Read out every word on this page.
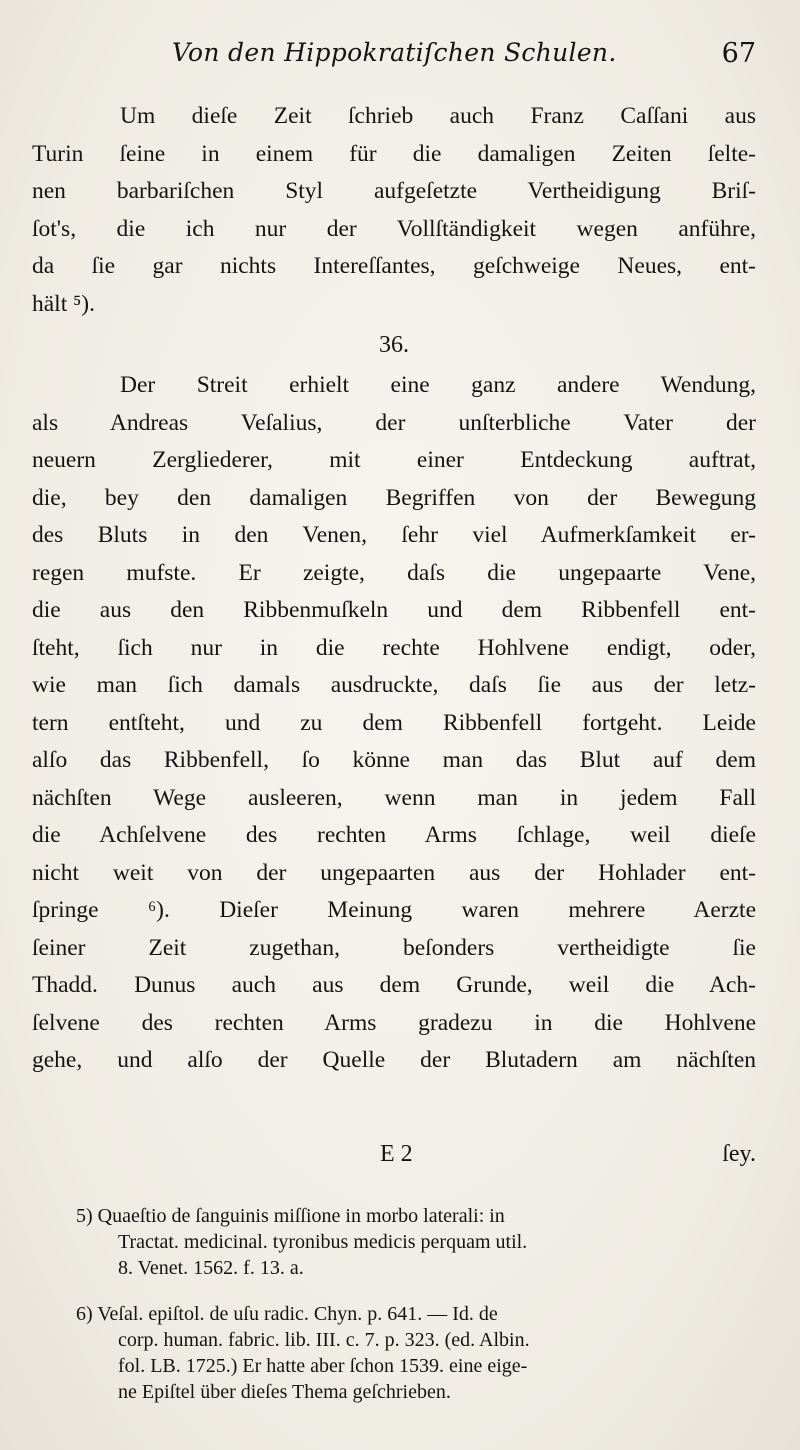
Von den Hippokratiſchen Schulen.	67
Um dieſe Zeit ſchrieb auch Franz Caſſani aus
Turin ſeine in einem für die damaligen Zeiten ſelte-
nen barbariſchen Styl aufgeſetzte Vertheidigung Briſ-
ſot's, die ich nur der Vollſtändigkeit wegen anführe,
da ſie gar nichts Intereſſantes, geſchweige Neues, ent-
hält ⁵).
36.
Der Streit erhielt eine ganz andere Wendung,
als Andreas Veſalius, der unſterbliche Vater der
neuern Zergliederer, mit einer Entdeckung auftrat,
die, bey den damaligen Begriffen von der Bewegung
des Bluts in den Venen, ſehr viel Aufmerkſamkeit er-
regen mufste. Er zeigte, daſs die ungepaarte Vene,
die aus den Ribbenmuſkeln und dem Ribbenfell ent-
ſteht, ſich nur in die rechte Hohlvene endigt, oder,
wie man ſich damals ausdruckte, daſs ſie aus der letz-
tern entſteht, und zu dem Ribbenfell fortgeht. Leide
alſo das Ribbenfell, ſo könne man das Blut auf dem
nächſten Wege ausleeren, wenn man in jedem Fall
die Achſelvene des rechten Arms ſchlage, weil dieſe
nicht weit von der ungepaarten aus der Hohlader ent-
ſpringe ⁶). Dieſer Meinung waren mehrere Aerzte
ſeiner Zeit zugethan, beſonders vertheidigte ſie
Thadd. Dunus auch aus dem Grunde, weil die Ach-
ſelvene des rechten Arms gradezu in die Hohlvene
gehe, und alſo der Quelle der Blutadern am nächſten
E 2	ſey.
5) Quaeſtio de ſanguinis miſſione in morbo laterali: in
Tractat. medicinal. tyronibus medicis perquam util.
8. Venet. 1562. f. 13. a.
6) Veſal. epiſtol. de uſu radic. Chyn. p. 641. — Id. de
corp. human. fabric. lib. III. c. 7. p. 323. (ed. Albin.
fol. LB. 1725.) Er hatte aber ſchon 1539. eine eige-
ne Epiſtel über dieſes Thema geſchrieben.
